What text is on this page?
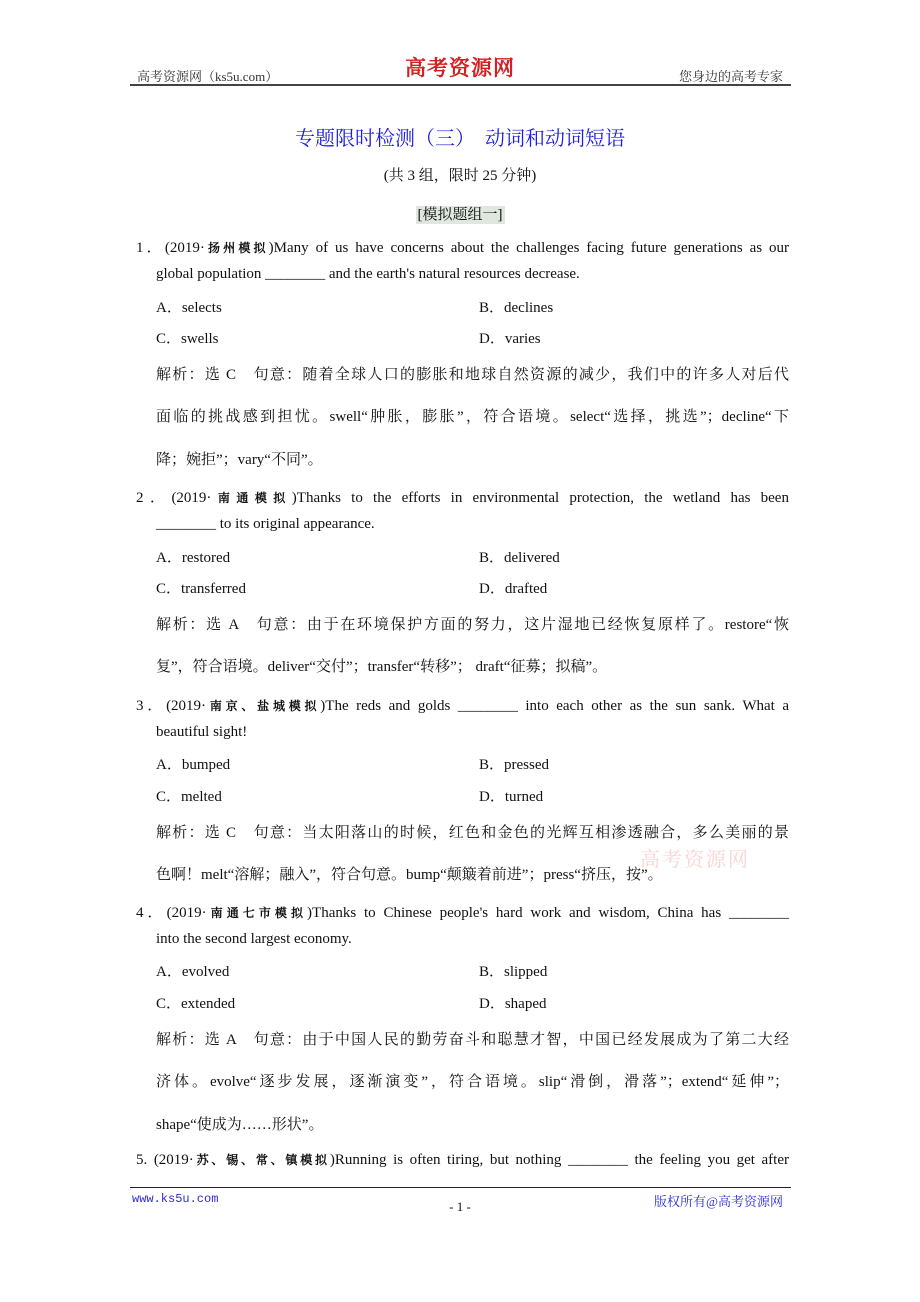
高考资源网（ks5u.com）	高考资源网	您身边的高考专家
专题限时检测（三）　动词和动词短语
(共 3 组，限时 25 分钟)
[模拟题组一]
1．(2019·扬州模拟)Many of us have concerns about the challenges facing future generations as our
global population ________ and the earth's natural resources decrease.
A．selects	B．declines
C．swells	D．varies
解析：选 C　句意：随着全球人口的膨胀和地球自然资源的减少，我们中的许多人对后代
面临的挑战感到担忧。swell“肿胀，膨胀”，符合语境。select“选择，挑选”；decline“下
降；婉拒”；vary“不同”。
2．(2019·南通模拟)Thanks to the efforts in environmental protection, the wetland has been
________ to its original appearance.
A．restored	B．delivered
C．transferred	D．drafted
解析：选 A　句意：由于在环境保护方面的努力，这片湿地已经恢复原样了。restore“恢
复”，符合语境。deliver“交付”；transfer“转移”； draft“征募；拟稿”。
3．(2019·南京、盐城模拟)The reds and golds ________ into each other as the sun sank. What a
beautiful sight!
A．bumped	B．pressed
C．melted	D．turned
解析：选 C　句意：当太阳落山的时候，红色和金色的光辉互相渗透融合，多么美丽的景
色啊！melt“溶解；融入”，符合句意。bump“颠簸着前进”；press“挤压，按”。
高考资源网
4．(2019·南通七市模拟)Thanks to Chinese people's hard work and wisdom, China has ________
into the second largest economy.
A．evolved	B．slipped
C．extended	D．shaped
解析：选 A　句意：由于中国人民的勤劳奋斗和聪慧才智，中国已经发展成为了第二大经
济体。evolve“逐步发展，逐渐演变”，符合语境。slip“滑倒，滑落”；extend“延伸”；
shape“使成为……形状”。
5. (2019·苏、锡、常、镇模拟)Running is often tiring, but nothing ________ the feeling you get after
www.ks5u.com	- 1 -	版权所有@高考资源网
